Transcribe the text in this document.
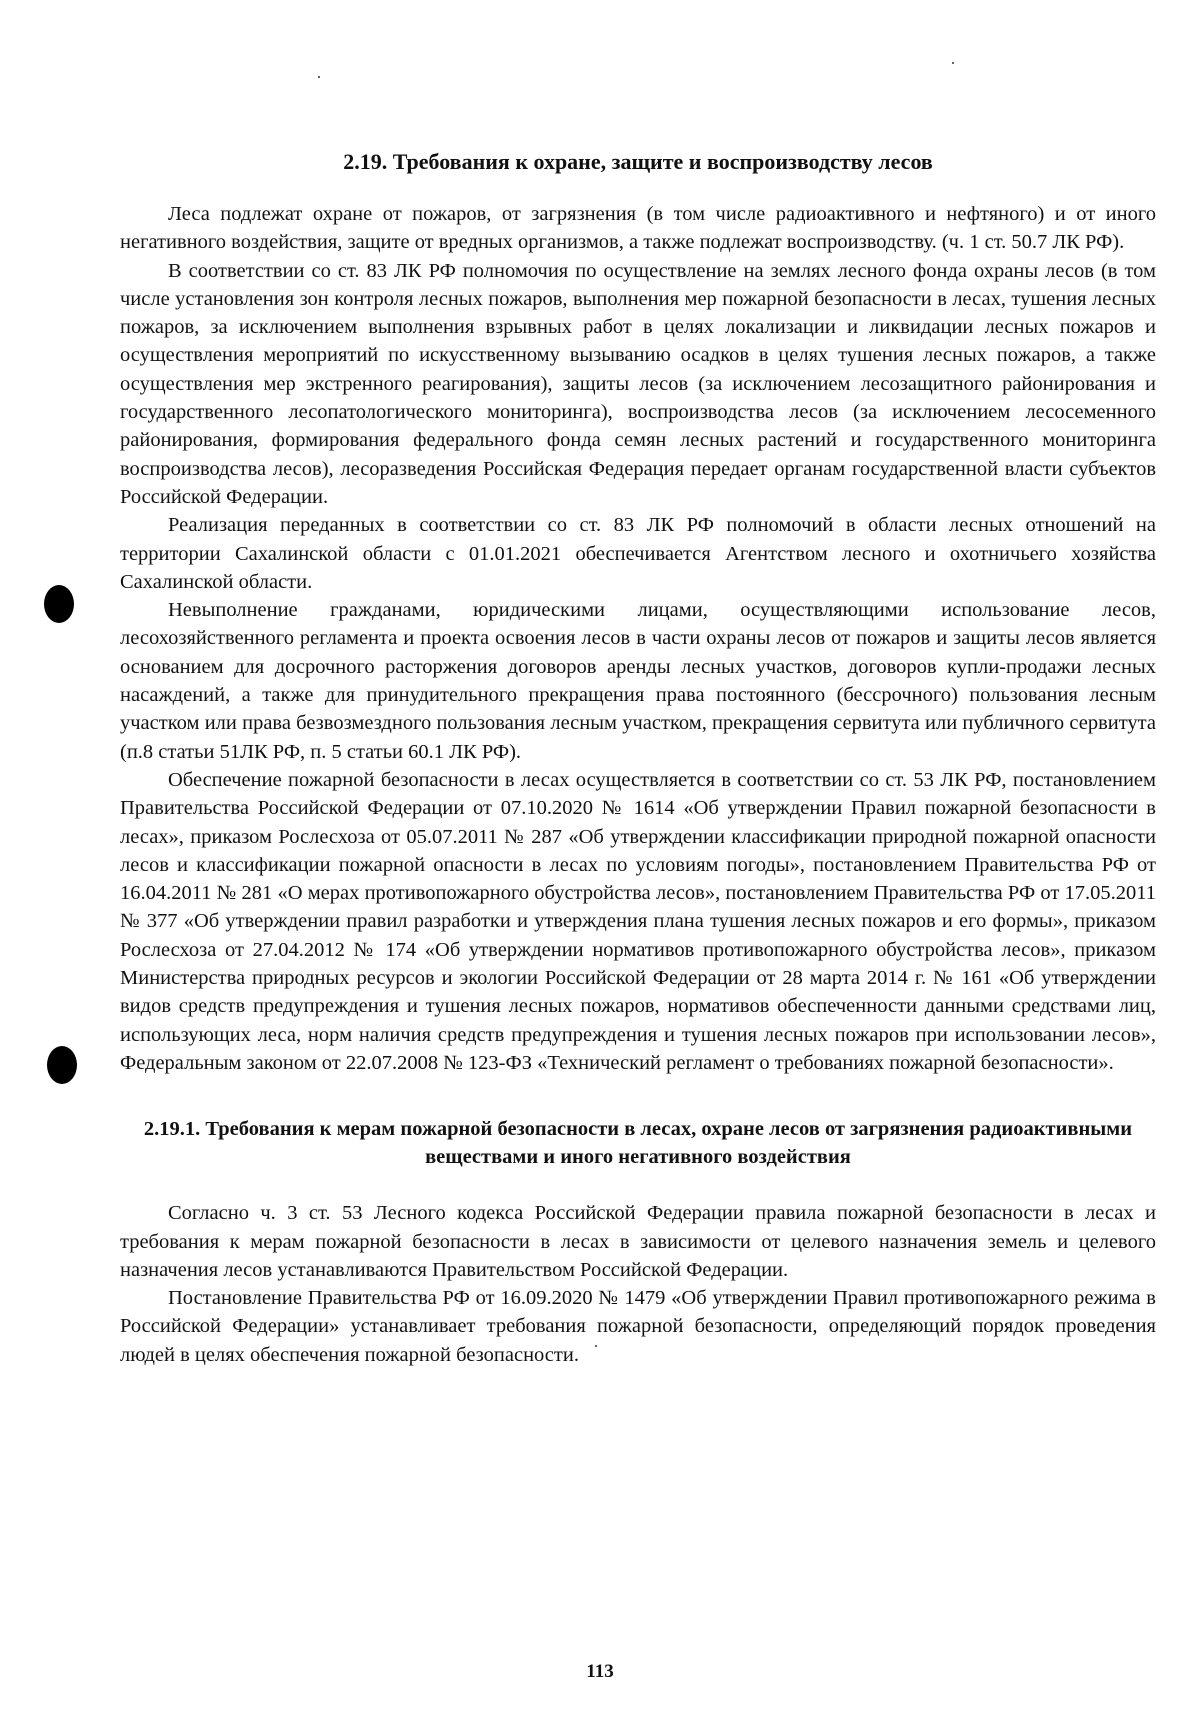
2.19. Требования к охране, защите и воспроизводству лесов

Леса подлежат охране от пожаров, от загрязнения (в том числе радиоактивного и нефтяного) и от иного негативного воздействия, защите от вредных организмов, а также подлежат воспроизводству. (ч. 1 ст. 50.7 ЛК РФ).

В соответствии со ст. 83 ЛК РФ полномочия по осуществление на землях лесного фонда охраны лесов (в том числе установления зон контроля лесных пожаров, выполнения мер пожарной безопасности в лесах, тушения лесных пожаров, за исключением выполнения взрывных работ в целях локализации и ликвидации лесных пожаров и осуществления мероприятий по искусственному вызыванию осадков в целях тушения лесных пожаров, а также осуществления мер экстренного реагирования), защиты лесов (за исключением лесозащитного районирования и государственного лесопатологического мониторинга), воспроизводства лесов (за исключением лесосеменного районирования, формирования федерального фонда семян лесных растений и государственного мониторинга воспроизводства лесов), лесоразведения Российская Федерация передает органам государственной власти субъектов Российской Федерации.

Реализация переданных в соответствии со ст. 83 ЛК РФ полномочий в области лесных отношений на территории Сахалинской области с 01.01.2021 обеспечивается Агентством лесного и охотничьего хозяйства Сахалинской области.

Невыполнение гражданами, юридическими лицами, осуществляющими использование лесов, лесохозяйственного регламента и проекта освоения лесов в части охраны лесов от пожаров и защиты лесов является основанием для досрочного расторжения договоров аренды лесных участков, договоров купли-продажи лесных насаждений, а также для принудительного прекращения права постоянного (бессрочного) пользования лесным участком или права безвозмездного пользования лесным участком, прекращения сервитута или публичного сервитута (п.8 статьи 51ЛК РФ, п. 5 статьи 60.1 ЛК РФ).

Обеспечение пожарной безопасности в лесах осуществляется в соответствии со ст. 53 ЛК РФ, постановлением Правительства Российской Федерации от 07.10.2020 № 1614 «Об утверждении Правил пожарной безопасности в лесах», приказом Рослесхоза от 05.07.2011 № 287 «Об утверждении классификации природной пожарной опасности лесов и классификации пожарной опасности в лесах по условиям погоды», постановлением Правительства РФ от 16.04.2011 № 281 «О мерах противопожарного обустройства лесов», постановлением Правительства РФ от 17.05.2011 № 377 «Об утверждении правил разработки и утверждения плана тушения лесных пожаров и его формы», приказом Рослесхоза от 27.04.2012 № 174 «Об утверждении нормативов противопожарного обустройства лесов», приказом Министерства природных ресурсов и экологии Российской Федерации от 28 марта 2014 г. № 161 «Об утверждении видов средств предупреждения и тушения лесных пожаров, нормативов обеспеченности данными средствами лиц, использующих леса, норм наличия средств предупреждения и тушения лесных пожаров при использовании лесов», Федеральным законом от 22.07.2008 № 123-ФЗ «Технический регламент о требованиях пожарной безопасности».

2.19.1. Требования к мерам пожарной безопасности в лесах, охране лесов от загрязнения радиоактивными веществами и иного негативного воздействия

Согласно ч. 3 ст. 53 Лесного кодекса Российской Федерации правила пожарной безопасности в лесах и требования к мерам пожарной безопасности в лесах в зависимости от целевого назначения земель и целевого назначения лесов устанавливаются Правительством Российской Федерации.

Постановление Правительства РФ от 16.09.2020 № 1479 «Об утверждении Правил противопожарного режима в Российской Федерации» устанавливает требования пожарной безопасности, определяющий порядок проведения людей в целях обеспечения пожарной безопасности.

113
